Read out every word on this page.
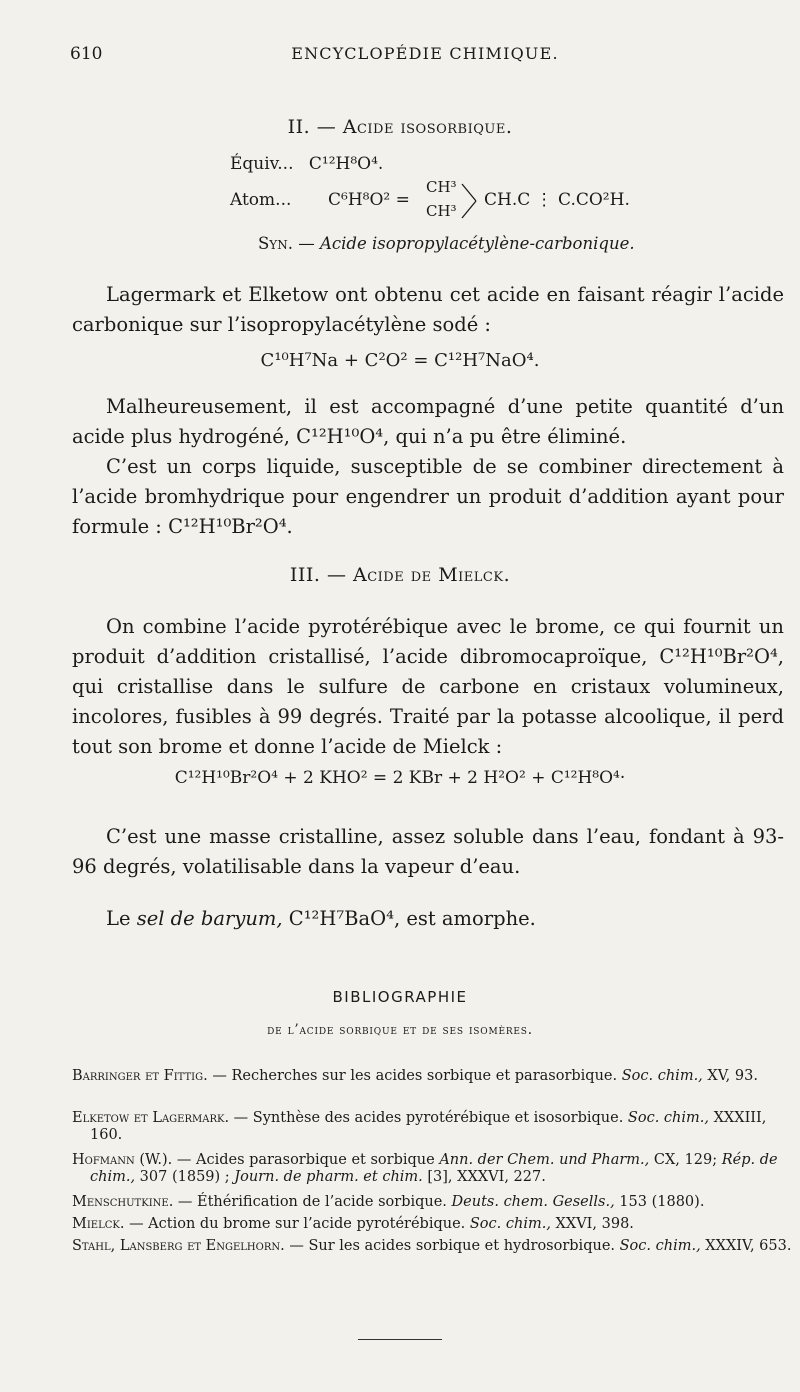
610	ENCYCLOPÉDIE CHIMIQUE.
II. — Acide isosorbique.
Équiv... C¹²H⁸O⁴.
Atom... C⁶H⁸O² =
CH³
CH³
CH.C ⋮ C.CO²H.
Syn. — Acide isopropylacétylène-carbonique.
Lagermark et Elketow ont obtenu cet acide en faisant réagir l’acide carbonique sur l’isopropylacétylène sodé :
C¹⁰H⁷Na + C²O² = C¹²H⁷NaO⁴.
Malheureusement, il est accompagné d’une petite quantité d’un acide plus hydrogéné, C¹²H¹⁰O⁴, qui n’a pu être éliminé.
C’est un corps liquide, susceptible de se combiner directement à l’acide bromhydrique pour engendrer un produit d’addition ayant pour formule : C¹²H¹⁰Br²O⁴.
III. — Acide de Mielck.
On combine l’acide pyrotérébique avec le brome, ce qui fournit un produit d’addition cristallisé, l’acide dibromocaproïque, C¹²H¹⁰Br²O⁴, qui cristallise dans le sulfure de carbone en cristaux volumineux, incolores, fusibles à 99 degrés. Traité par la potasse alcoolique, il perd tout son brome et donne l’acide de Mielck :
C¹²H¹⁰Br²O⁴ + 2 KHO² = 2 KBr + 2 H²O² + C¹²H⁸O⁴·
C’est une masse cristalline, assez soluble dans l’eau, fondant à 93-96 degrés, volatilisable dans la vapeur d’eau.
Le sel de baryum, C¹²H⁷BaO⁴, est amorphe.
BIBLIOGRAPHIE
de l’acide sorbique et de ses isomères.
Barringer et Fittig. — Recherches sur les acides sorbique et parasorbique. Soc. chim., XV, 93.
Elketow et Lagermark. — Synthèse des acides pyrotérébique et isosorbique. Soc. chim., XXXIII, 160.
Hofmann (W.). — Acides parasorbique et sorbique Ann. der Chem. und Pharm., CX, 129; Rép. de chim., 307 (1859) ; Journ. de pharm. et chim. [3], XXXVI, 227.
Menschutkine. — Éthérification de l’acide sorbique. Deuts. chem. Gesells., 153 (1880).
Mielck. — Action du brome sur l’acide pyrotérébique. Soc. chim., XXVI, 398.
Stahl, Lansberg et Engelhorn. — Sur les acides sorbique et hydrosorbique. Soc. chim., XXXIV, 653.
